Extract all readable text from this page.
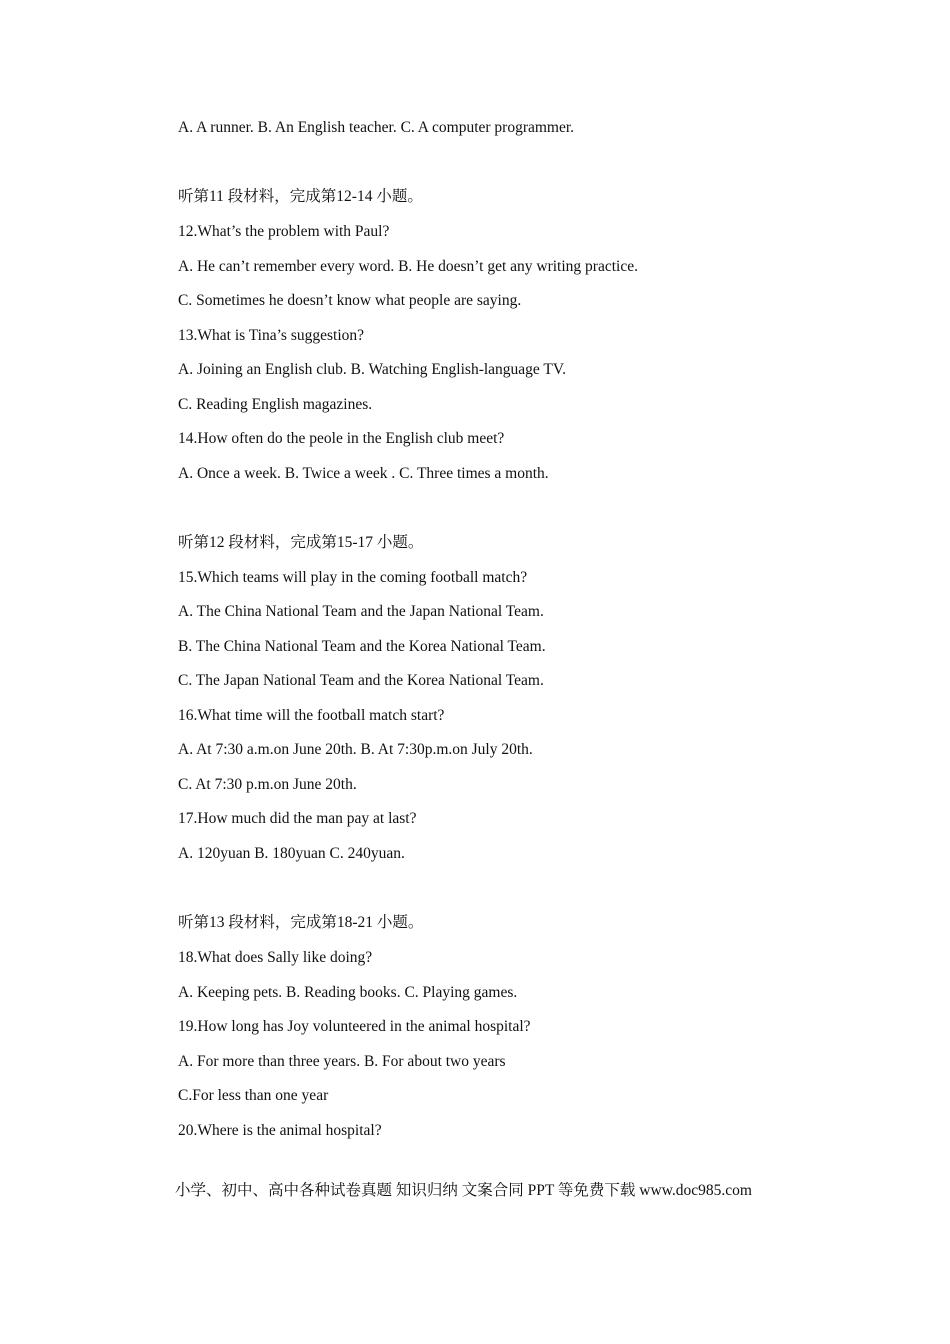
A. A runner. B. An English teacher. C. A computer programmer.
听第11 段材料，完成第12-14 小题。
12.What’s the problem with Paul?
A. He can’t remember every word. B. He doesn’t get any writing practice.
C. Sometimes he doesn’t know what people are saying.
13.What is Tina’s suggestion?
A. Joining an English club. B. Watching English-language TV.
C. Reading English magazines.
14.How often do the peole in the English club meet?
A. Once a week. B. Twice a week . C. Three times a month.
听第12 段材料，完成第15-17 小题。
15.Which teams will play in the coming football match?
A. The China National Team and the Japan National Team.
B. The China National Team and the Korea National Team.
C. The Japan National Team and the Korea National Team.
16.What time will the football match start?
A. At 7:30 a.m.on June 20th. B. At 7:30p.m.on July 20th.
C. At 7:30 p.m.on June 20th.
17.How much did the man pay at last?
A. 120yuan B. 180yuan C. 240yuan.
听第13 段材料，完成第18-21 小题。
18.What does Sally like doing?
A. Keeping pets. B. Reading books. C. Playing games.
19.How long has Joy volunteered in the animal hospital?
A. For more than three years. B. For about two years
C.For less than one year
20.Where is the animal hospital?
小学、初中、高中各种试卷真题 知识归纳 文案合同 PPT 等免费下载 www.doc985.com
